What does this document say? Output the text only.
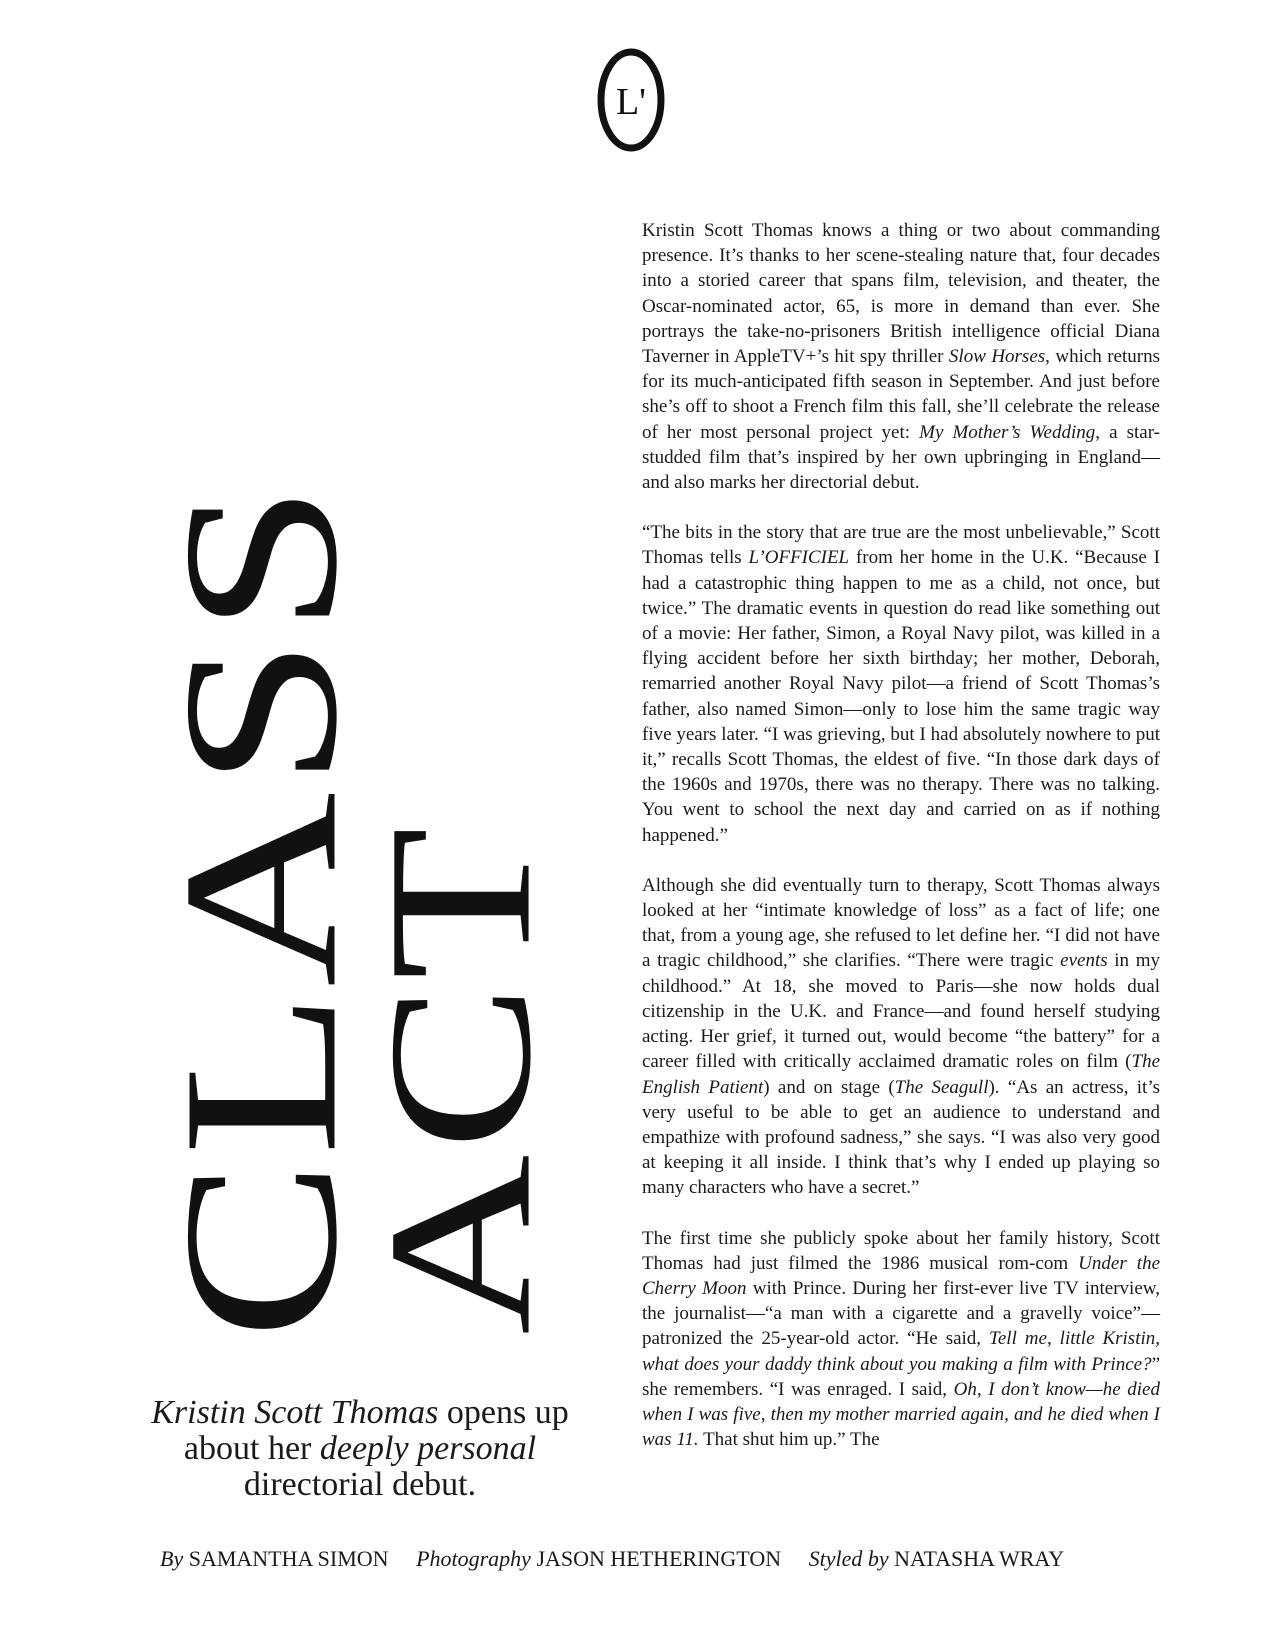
L'
CLASS
ACT
Kristin Scott Thomas opens up about her deeply personal directorial debut.

Kristin Scott Thomas knows a thing or two about commanding presence. It’s thanks to her scene-stealing nature that, four decades into a storied career that spans film, television, and theater, the Oscar-nominated actor, 65, is more in demand than ever. She portrays the take-no-prisoners British intelligence official Diana Taverner in AppleTV+’s hit spy thriller Slow Horses, which returns for its much-anticipated fifth season in September. And just before she’s off to shoot a French film this fall, she’ll celebrate the release of her most personal project yet: My Mother’s Wedding, a star-studded film that’s inspired by her own upbringing in England—and also marks her directorial debut.

“The bits in the story that are true are the most unbelievable,” Scott Thomas tells L’OFFICIEL from her home in the U.K. “Because I had a catastrophic thing happen to me as a child, not once, but twice.” The dramatic events in question do read like something out of a movie: Her father, Simon, a Royal Navy pilot, was killed in a flying accident before her sixth birthday; her mother, Deborah, remarried another Royal Navy pilot—a friend of Scott Thomas’s father, also named Simon—only to lose him the same tragic way five years later. “I was grieving, but I had absolutely nowhere to put it,” recalls Scott Thomas, the eldest of five. “In those dark days of the 1960s and 1970s, there was no therapy. There was no talking. You went to school the next day and carried on as if nothing happened.”

Although she did eventually turn to therapy, Scott Thomas always looked at her “intimate knowledge of loss” as a fact of life; one that, from a young age, she refused to let define her. “I did not have a tragic childhood,” she clarifies. “There were tragic events in my childhood.” At 18, she moved to Paris—she now holds dual citizenship in the U.K. and France—and found herself studying acting. Her grief, it turned out, would become “the battery” for a career filled with critically acclaimed dramatic roles on film (The English Patient) and on stage (The Seagull). “As an actress, it’s very useful to be able to get an audience to understand and empathize with profound sadness,” she says. “I was also very good at keeping it all inside. I think that’s why I ended up playing so many characters who have a secret.”

The first time she publicly spoke about her family history, Scott Thomas had just filmed the 1986 musical rom-com Under the Cherry Moon with Prince. During her first-ever live TV interview, the journalist—“a man with a cigarette and a gravelly voice”—patronized the 25-year-old actor. “He said, Tell me, little Kristin, what does your daddy think about you making a film with Prince?” she remembers. “I was enraged. I said, Oh, I don’t know—he died when I was five, then my mother married again, and he died when I was 11. That shut him up.” The

By SAMANTHA SIMON Photography JASON HETHERINGTON Styled by NATASHA WRAY
